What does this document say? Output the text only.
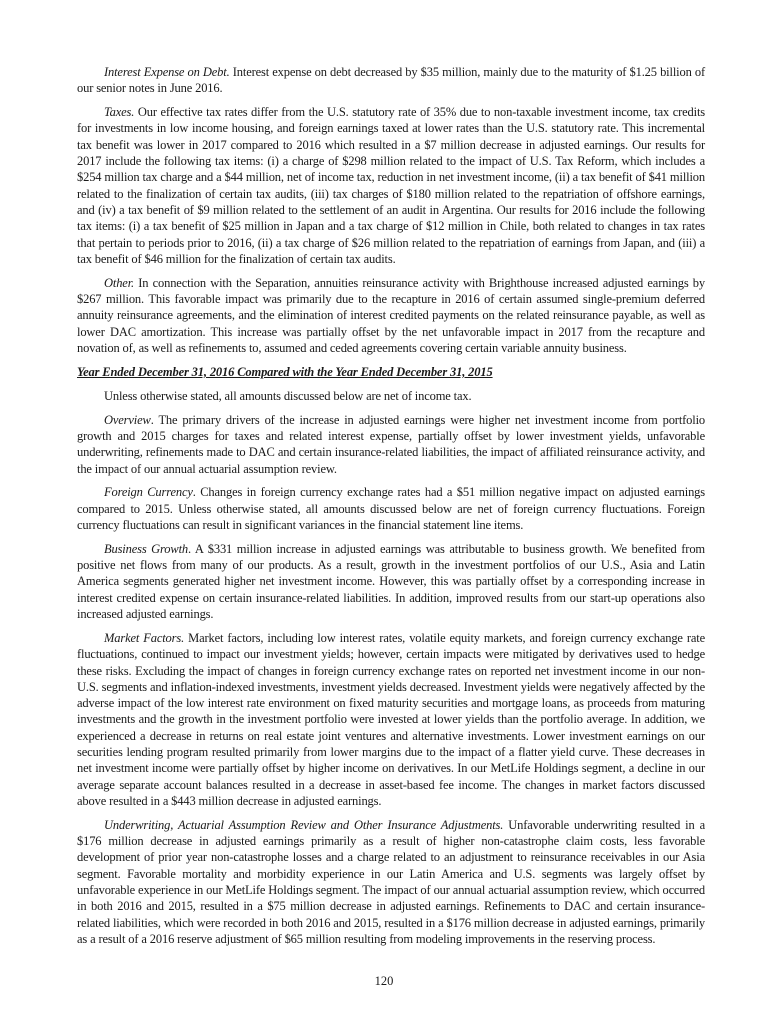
Interest Expense on Debt. Interest expense on debt decreased by $35 million, mainly due to the maturity of $1.25 billion of our senior notes in June 2016.

Taxes. Our effective tax rates differ from the U.S. statutory rate of 35% due to non-taxable investment income, tax credits for investments in low income housing, and foreign earnings taxed at lower rates than the U.S. statutory rate. This incremental tax benefit was lower in 2017 compared to 2016 which resulted in a $7 million decrease in adjusted earnings. Our results for 2017 include the following tax items: (i) a charge of $298 million related to the impact of U.S. Tax Reform, which includes a $254 million tax charge and a $44 million, net of income tax, reduction in net investment income, (ii) a tax benefit of $41 million related to the finalization of certain tax audits, (iii) tax charges of $180 million related to the repatriation of offshore earnings, and (iv) a tax benefit of $9 million related to the settlement of an audit in Argentina. Our results for 2016 include the following tax items: (i) a tax benefit of $25 million in Japan and a tax charge of $12 million in Chile, both related to changes in tax rates that pertain to periods prior to 2016, (ii) a tax charge of $26 million related to the repatriation of earnings from Japan, and (iii) a tax benefit of $46 million for the finalization of certain tax audits.

Other. In connection with the Separation, annuities reinsurance activity with Brighthouse increased adjusted earnings by $267 million. This favorable impact was primarily due to the recapture in 2016 of certain assumed single-premium deferred annuity reinsurance agreements, and the elimination of interest credited payments on the related reinsurance payable, as well as lower DAC amortization. This increase was partially offset by the net unfavorable impact in 2017 from the recapture and novation of, as well as refinements to, assumed and ceded agreements covering certain variable annuity business.

Year Ended December 31, 2016 Compared with the Year Ended December 31, 2015

Unless otherwise stated, all amounts discussed below are net of income tax.

Overview. The primary drivers of the increase in adjusted earnings were higher net investment income from portfolio growth and 2015 charges for taxes and related interest expense, partially offset by lower investment yields, unfavorable underwriting, refinements made to DAC and certain insurance-related liabilities, the impact of affiliated reinsurance activity, and the impact of our annual actuarial assumption review.

Foreign Currency. Changes in foreign currency exchange rates had a $51 million negative impact on adjusted earnings compared to 2015. Unless otherwise stated, all amounts discussed below are net of foreign currency fluctuations. Foreign currency fluctuations can result in significant variances in the financial statement line items.

Business Growth. A $331 million increase in adjusted earnings was attributable to business growth. We benefited from positive net flows from many of our products. As a result, growth in the investment portfolios of our U.S., Asia and Latin America segments generated higher net investment income. However, this was partially offset by a corresponding increase in interest credited expense on certain insurance-related liabilities. In addition, improved results from our start-up operations also increased adjusted earnings.

Market Factors. Market factors, including low interest rates, volatile equity markets, and foreign currency exchange rate fluctuations, continued to impact our investment yields; however, certain impacts were mitigated by derivatives used to hedge these risks. Excluding the impact of changes in foreign currency exchange rates on reported net investment income in our non-U.S. segments and inflation-indexed investments, investment yields decreased. Investment yields were negatively affected by the adverse impact of the low interest rate environment on fixed maturity securities and mortgage loans, as proceeds from maturing investments and the growth in the investment portfolio were invested at lower yields than the portfolio average. In addition, we experienced a decrease in returns on real estate joint ventures and alternative investments. Lower investment earnings on our securities lending program resulted primarily from lower margins due to the impact of a flatter yield curve. These decreases in net investment income were partially offset by higher income on derivatives. In our MetLife Holdings segment, a decline in our average separate account balances resulted in a decrease in asset-based fee income. The changes in market factors discussed above resulted in a $443 million decrease in adjusted earnings.

Underwriting, Actuarial Assumption Review and Other Insurance Adjustments. Unfavorable underwriting resulted in a $176 million decrease in adjusted earnings primarily as a result of higher non-catastrophe claim costs, less favorable development of prior year non-catastrophe losses and a charge related to an adjustment to reinsurance receivables in our Asia segment. Favorable mortality and morbidity experience in our Latin America and U.S. segments was largely offset by unfavorable experience in our MetLife Holdings segment. The impact of our annual actuarial assumption review, which occurred in both 2016 and 2015, resulted in a $75 million decrease in adjusted earnings. Refinements to DAC and certain insurance-related liabilities, which were recorded in both 2016 and 2015, resulted in a $176 million decrease in adjusted earnings, primarily as a result of a 2016 reserve adjustment of $65 million resulting from modeling improvements in the reserving process.

120
